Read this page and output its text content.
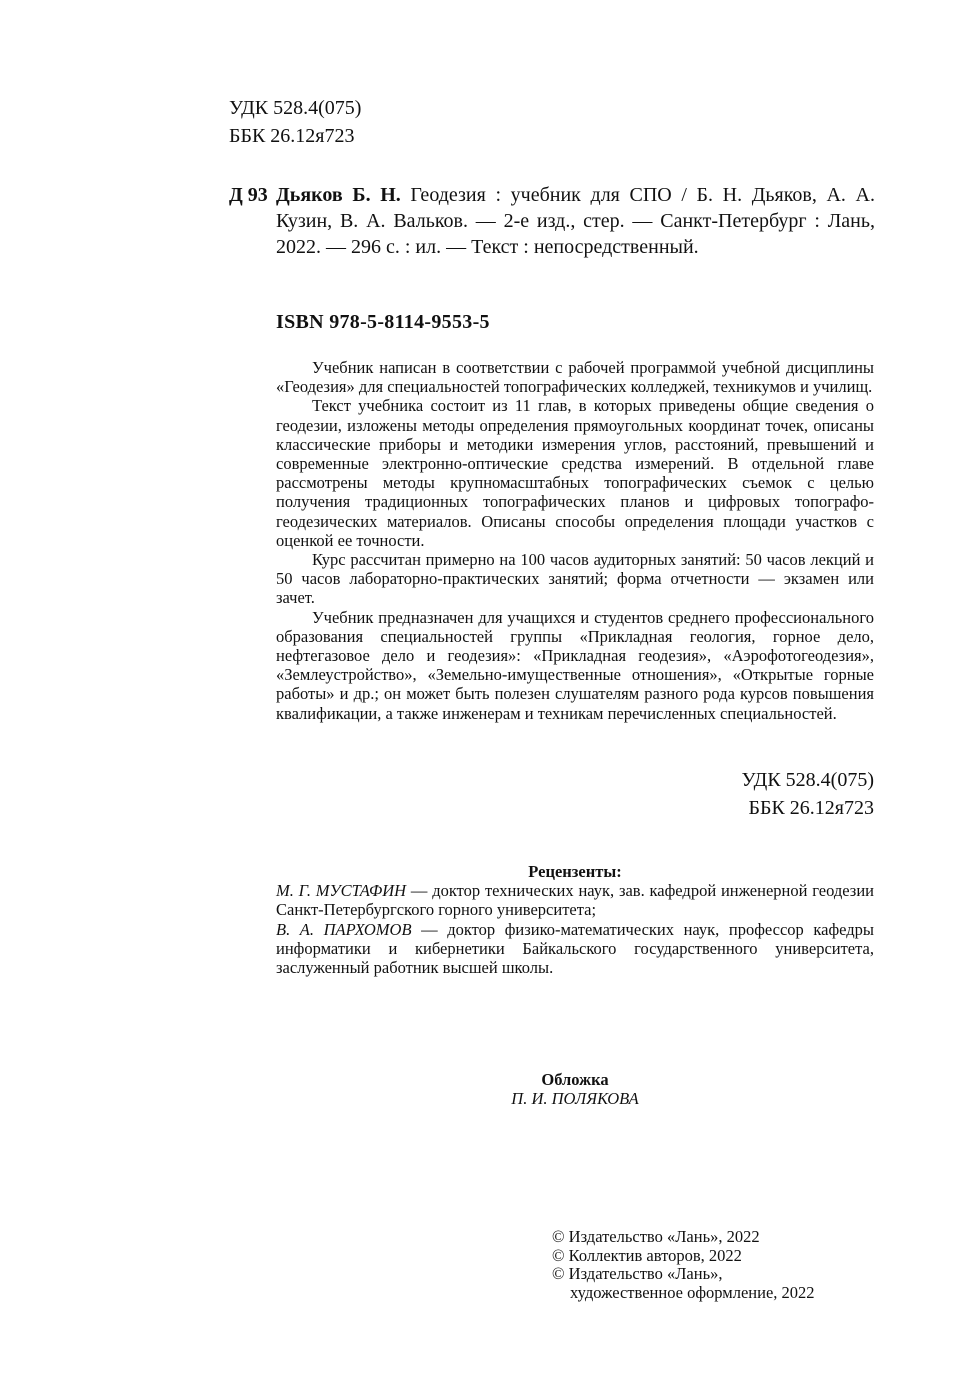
УДК 528.4(075)
ББК 26.12я723
Д 93 Дьяков Б. Н. Геодезия : учебник для СПО / Б. Н. Дьяков, А. А. Кузин, В. А. Вальков. — 2-е изд., стер. — Санкт-Петербург : Лань, 2022. — 296 с. : ил. — Текст : непосредственный.
ISBN 978-5-8114-9553-5

Учебник написан в соответствии с рабочей программой учебной дисциплины «Геодезия» для специальностей топографических колледжей, техникумов и училищ.

Текст учебника состоит из 11 глав, в которых приведены общие сведения о геодезии, изложены методы определения прямоугольных координат точек, описаны классические приборы и методики измерения углов, расстояний, превышений и современные электронно-оптические средства измерений. В отдельной главе рассмотрены методы крупномасштабных топографических съемок с целью получения традиционных топографических планов и цифровых топографо-геодезических материалов. Описаны способы определения площади участков с оценкой ее точности.

Курс рассчитан примерно на 100 часов аудиторных занятий: 50 часов лекций и 50 часов лабораторно-практических занятий; форма отчетности — экзамен или зачет.

Учебник предназначен для учащихся и студентов среднего профессионального образования специальностей группы «Прикладная геология, горное дело, нефтегазовое дело и геодезия»: «Прикладная геодезия», «Аэрофотогеодезия», «Землеустройство», «Земельно-имущественные отношения», «Открытые горные работы» и др.; он может быть полезен слушателям разного рода курсов повышения квалификации, а также инженерам и техникам перечисленных специальностей.

УДК 528.4(075)
ББК 26.12я723
Рецензенты:

М. Г. МУСТАФИН — доктор технических наук, зав. кафедрой инженерной геодезии Санкт-Петербургского горного университета;

В. А. ПАРХОМОВ — доктор физико-математических наук, профессор кафедры информатики и кибернетики Байкальского государственного университета, заслуженный работник высшей школы.

Обложка
П. И. ПОЛЯКОВА
© Издательство «Лань», 2022
© Коллектив авторов, 2022
© Издательство «Лань»,
художественное оформление, 2022
